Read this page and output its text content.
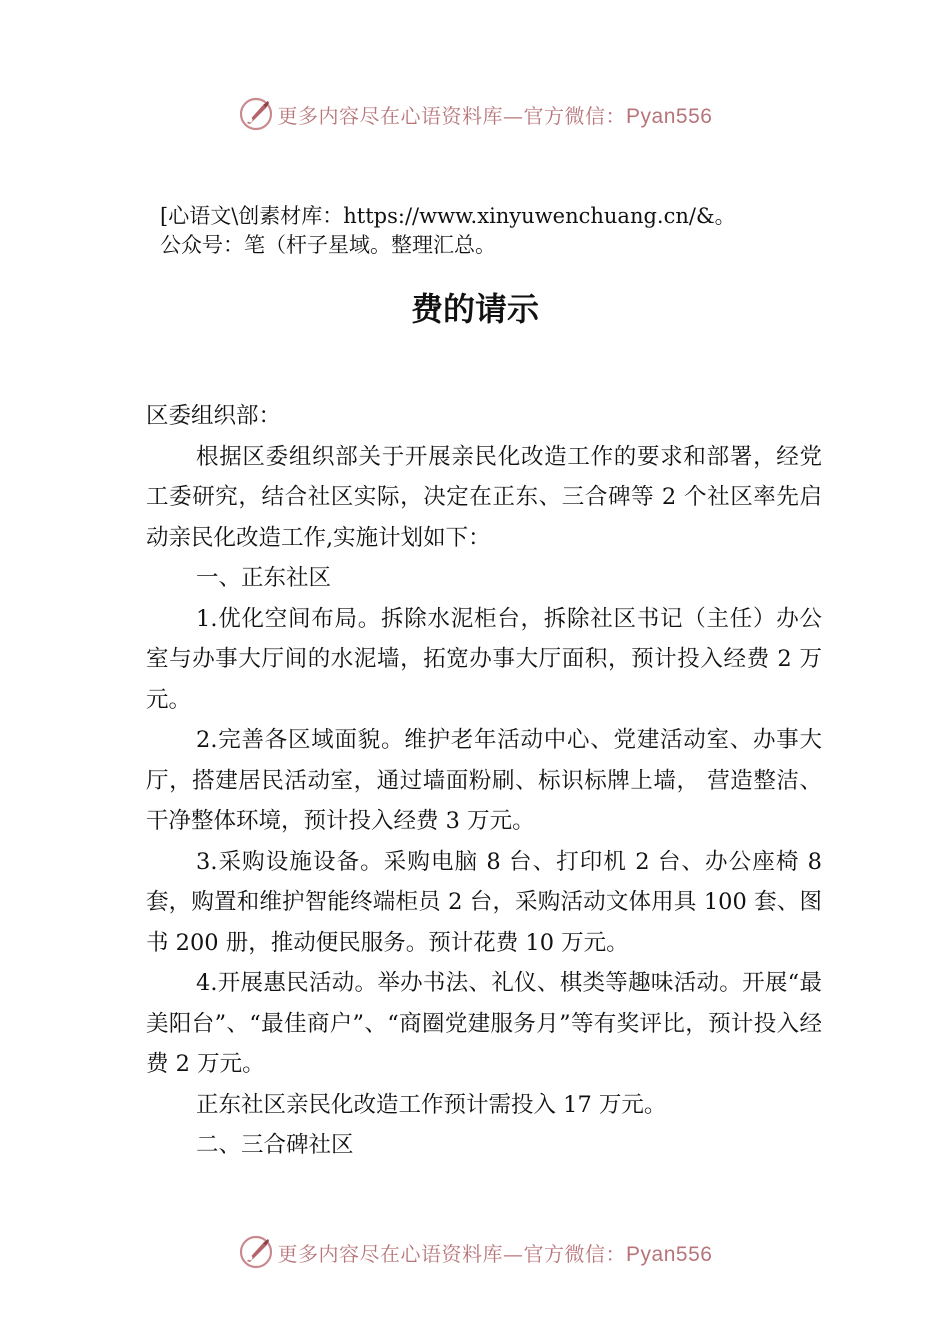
更多内容尽在心语资料库—官方微信：Pyan556
[心语文\创素材库：https://www.xinyuwenchuang.cn/&。
公众号：笔（杆子星域。整理汇总。
费的请示

区委组织部：

根据区委组织部关于开展亲民化改造工作的要求和部署，经党工委研究，结合社区实际，决定在正东、三合碑等 2 个社区率先启动亲民化改造工作,实施计划如下：

一、正东社区

1.优化空间布局。拆除水泥柜台，拆除社区书记（主任）办公室与办事大厅间的水泥墙，拓宽办事大厅面积，预计投入经费 2 万元。

2.完善各区域面貌。维护老年活动中心、党建活动室、办事大厅，搭建居民活动室，通过墙面粉刷、标识标牌上墙， 营造整洁、干净整体环境，预计投入经费 3 万元。

3.采购设施设备。采购电脑 8 台、打印机 2 台、办公座椅 8 套，购置和维护智能终端柜员 2 台，采购活动文体用具 100 套、图书 200 册，推动便民服务。预计花费 10 万元。

4.开展惠民活动。举办书法、礼仪、棋类等趣味活动。开展“最美阳台”、“最佳商户”、“商圈党建服务月”等有奖评比，预计投入经费 2 万元。

正东社区亲民化改造工作预计需投入 17 万元。

二、三合碑社区

更多内容尽在心语资料库—官方微信：Pyan556
